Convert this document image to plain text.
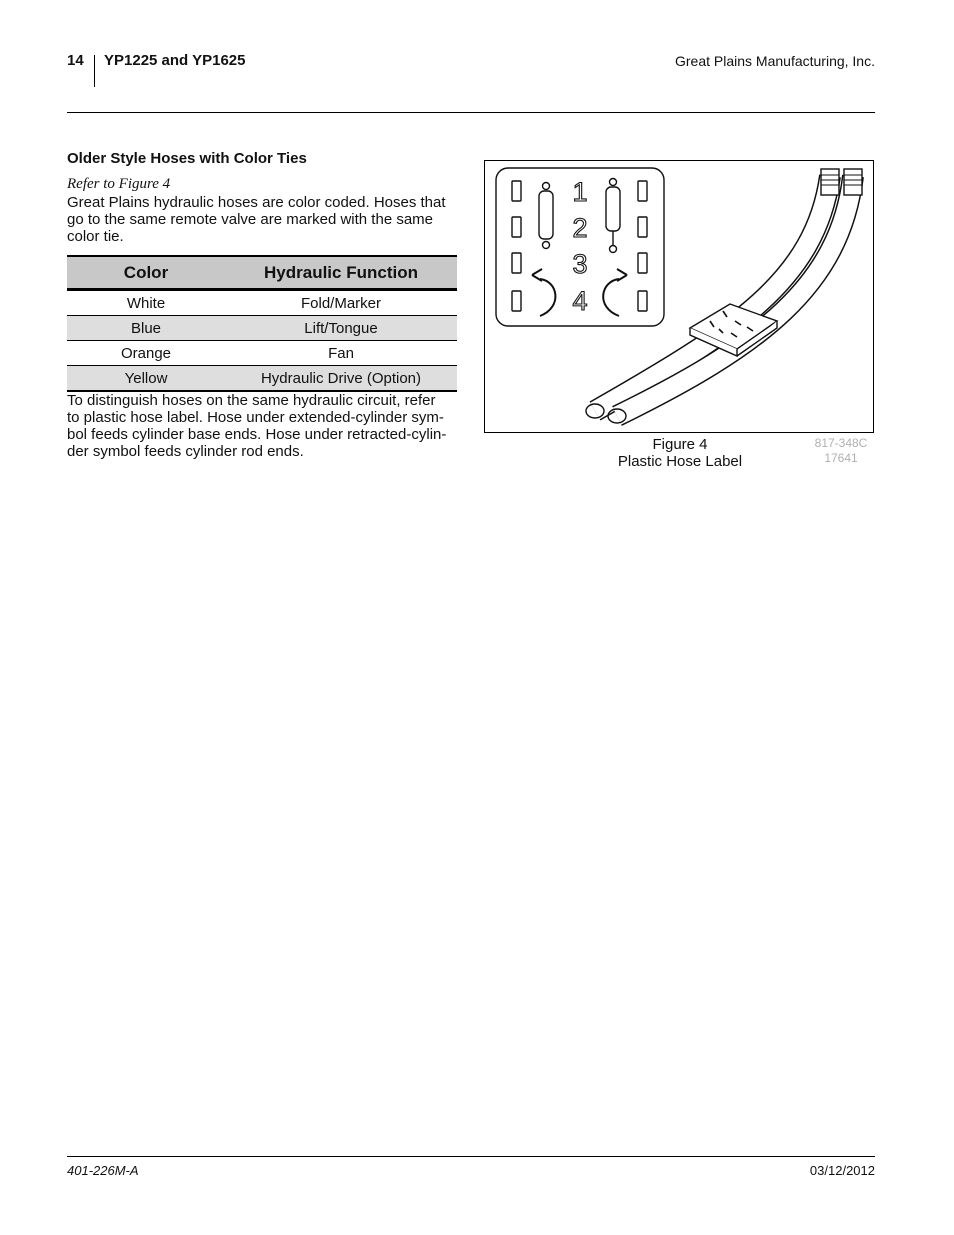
14 YP1225 and YP1625	Great Plains Manufacturing, Inc.
Older Style Hoses with Color Ties
Refer to Figure 4
Great Plains hydraulic hoses are color coded. Hoses that
go to the same remote valve are marked with the same
color tie.
Color	Hydraulic Function
White	Fold/Marker
Blue	Lift/Tongue
Orange	Fan
Yellow	Hydraulic Drive (Option)
To distinguish hoses on the same hydraulic circuit, refer
to plastic hose label. Hose under extended-cylinder sym-
bol feeds cylinder base ends. Hose under retracted-cylin-
der symbol feeds cylinder rod ends.
1
2
3
4
Figure 4
Plastic Hose Label
817-348C
17641
401-226M-A	03/12/2012
